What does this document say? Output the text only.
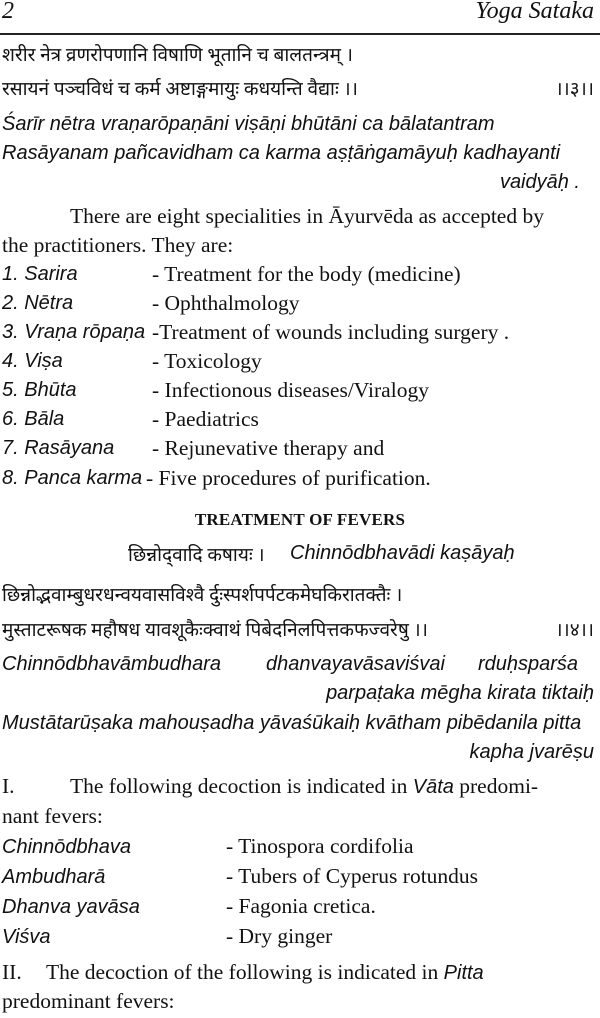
2	Yoga Sataka
शरीर नेत्र व्रणरोपणानि विषाणि भूतानि च बालतन्त्रम् ।
रसायनं पञ्चविधं च कर्म अष्टाङ्गमायुः कधयन्ति वैद्याः ।।	।।३।।
Śarīr nētra vraṇarōpaṇāni viṣāṇi bhūtāni ca bālatantram
Rasāyanam pañcavidham ca karma aṣṭāṅgamāyuḥ kadhayanti
vaidyāḥ .
There are eight specialities in Āyurvēda as accepted by
the practitioners. They are:
1. Sarira	- Treatment for the body (medicine)
2. Nētra	- Ophthalmology
3. Vraṇa rōpaṇa -Treatment of wounds including surgery .
4. Viṣa	- Toxicology
5. Bhūta	- Infectionous diseases/Viralogy
6. Bāla	- Paediatrics
7. Rasāyana - Rejunevative therapy and
8. Panca karma - Five procedures of purification.
TREATMENT OF FEVERS
छिन्नोद्‌वादि कषायः । Chinnōdbhavādi kaṣāyaḥ
छिन्नोद्भवाम्बुधरधन्वयवासविश्वै र्दुःस्पर्शपर्पटकमेघकिरातक्तैः ।
मुस्ताटरूषक महौषध यावशूकैःक्वाथं पिबेदनिलपित्तकफज्वरेषु ।।	।।४।।
Chinnōdbhavāmbudhara dhanvayavāsaviśvai rduḥsparśa
parpaṭaka mēgha kirata tiktaiḥ
Mustātarūṣaka mahouṣadha yāvaśūkaiḥ kvātham pibēdanila pitta
kapha jvarēṣu
I.	The following decoction is indicated in Vāta predomi-
nant fevers:
Chinnōdbhava	- Tinospora cordifolia
Ambudharā	- Tubers of Cyperus rotundus
Dhanva yavāsa	- Fagonia cretica.
Viśva	- Dry ginger
II. The decoction of the following is indicated in Pitta
predominant fevers:
